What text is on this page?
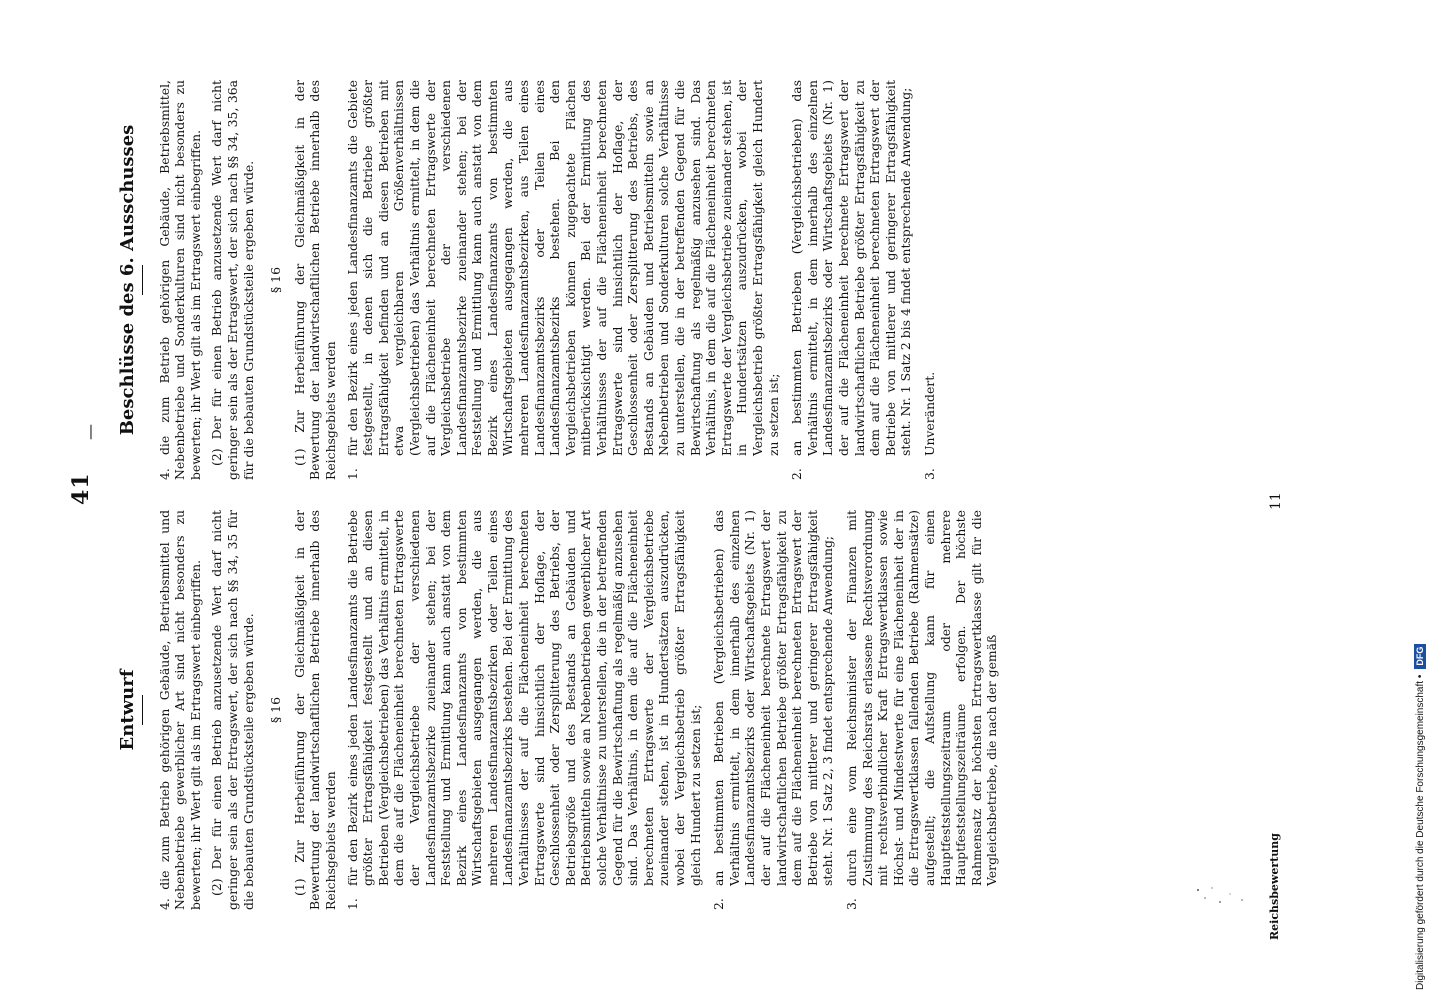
41
—
Entwurf 4. die zum Betrieb gehörigen Gebäude, Betriebsmittel und Nebenbetriebe gewerblicher Art sind nicht besonders zu bewerten; ihr Wert gilt als im Ertragswert einbegriffen. (2) Der für einen Betrieb anzusetzende Wert darf nicht geringer sein als der Ertragswert, der sich nach §§ 34, 35 für die bebauten Grundstücksteile ergeben würde. § 16 (1) Zur Herbeiführung der Gleichmäßigkeit in der Bewertung der landwirtschaftlichen Betriebe innerhalb des Reichsgebiets werden 1.
für den Bezirk eines jeden Landesfinanzamts die Betriebe größter Ertragsfähigkeit festgestellt und an diesen Betrieben (Vergleichsbetrieben) das Verhältnis ermittelt, in dem die auf die Flächeneinheit berechneten Ertragswerte der Vergleichsbetriebe der verschiedenen Landesfinanzamtsbezirke zueinander stehen; bei der Feststellung und Ermittlung kann auch anstatt von dem Bezirk eines Landesfinanzamts von bestimmten Wirtschaftsgebieten ausgegangen werden, die aus mehreren Landesfinanzamtsbezirken oder Teilen eines Landesfinanzamtsbezirks bestehen. Bei der Ermittlung des Verhältnisses der auf die Flächeneinheit berechneten Ertragswerte sind hinsichtlich der Hoflage, der Geschlossenheit oder Zersplitterung des Betriebs, der Betriebsgröße und des Bestands an Gebäuden und Betriebsmitteln sowie an Nebenbetrieben gewerblicher Art solche Verhältnisse zu unterstellen, die in der betreffenden Gegend für die Bewirtschaftung als regelmäßig anzusehen sind. Das Verhältnis, in dem die auf die Flächeneinheit berechneten Ertragswerte der Vergleichsbetriebe zueinander stehen, ist in Hundertsätzen auszudrücken, wobei der Vergleichsbetrieb größter Ertragsfähigkeit gleich Hundert zu setzen ist;
2.
an bestimmten Betrieben (Vergleichsbetrieben) das Verhältnis ermittelt, in dem innerhalb des einzelnen Landesfinanzamtsbezirks oder Wirtschaftsgebiets (Nr. 1) der auf die Flächeneinheit berechnete Ertragswert der landwirtschaftlichen Betriebe größter Ertragsfähigkeit zu dem auf die Flächeneinheit berechneten Ertragswert der Betriebe von mittlerer und geringerer Ertragsfähigkeit steht. Nr. 1 Satz 2, 3 findet entsprechende Anwendung;
3.
durch eine vom Reichsminister der Finanzen mit Zustimmung des Reichsrats erlassene Rechtsverordnung mit rechtsverbindlicher Kraft Ertragswertklassen sowie Höchst- und Mindestwerte für eine Flächeneinheit der in die Ertragswertklassen fallenden Betriebe (Rahmensätze) aufgestellt; die Aufstellung kann für einen Hauptfeststellungszeitraum oder mehrere Hauptfeststellungszeiträume erfolgen. Der höchste Rahmensatz der höchsten Ertragswertklasse gilt für die Vergleichsbetriebe, die nach der gemäß
Beschlüsse des 6. Ausschusses 4. die zum Betrieb gehörigen Gebäude, Betriebsmittel, Nebenbetriebe und Sonderkulturen sind nicht besonders zu bewerten; ihr Wert gilt als im Ertragswert einbegriffen. (2) Der für einen Betrieb anzusetzende Wert darf nicht geringer sein als der Ertragswert, der sich nach §§ 34, 35, 36a für die bebauten Grundstücksteile ergeben würde. § 16 (1) Zur Herbeiführung der Gleichmäßigkeit in der Bewertung der landwirtschaftlichen Betriebe innerhalb des Reichsgebiets werden 1.
für den Bezirk eines jeden Landesfinanzamts die Gebiete festgestellt, in denen sich die Betriebe größter Ertragsfähigkeit befinden und an diesen Betrieben mit etwa vergleichbaren Größenverhältnissen (Vergleichsbetrieben) das Verhältnis ermittelt, in dem die auf die Flächeneinheit berechneten Ertragswerte der Vergleichsbetriebe der verschiedenen Landesfinanzamtsbezirke zueinander stehen; bei der Feststellung und Ermittlung kann auch anstatt von dem Bezirk eines Landesfinanzamts von bestimmten Wirtschaftsgebieten ausgegangen werden, die aus mehreren Landesfinanzamtsbezirken, aus Teilen eines Landesfinanzamtsbezirks oder Teilen eines Landesfinanzamtsbezirks bestehen. Bei den Vergleichsbetrieben können zugepachtete Flächen mitberücksichtigt werden. Bei der Ermittlung des Verhältnisses der auf die Flächeneinheit berechneten Ertragswerte sind hinsichtlich der Hoflage, der Geschlossenheit oder Zersplitterung des Betriebs, des Bestands an Gebäuden und Betriebsmitteln sowie an Nebenbetrieben und Sonderkulturen solche Verhältnisse zu unterstellen, die in der betreffenden Gegend für die Bewirtschaftung als regelmäßig anzusehen sind. Das Verhältnis, in dem die auf die Flächeneinheit berechneten Ertragswerte der Vergleichsbetriebe zueinander stehen, ist in Hundertsätzen auszudrücken, wobei der Vergleichsbetrieb größter Ertragsfähigkeit gleich Hundert zu setzen ist;
2.
an bestimmten Betrieben (Vergleichsbetrieben) das Verhältnis ermittelt, in dem innerhalb des einzelnen Landesfinanzamtsbezirks oder Wirtschaftsgebiets (Nr. 1) der auf die Flächeneinheit berechnete Ertragswert der landwirtschaftlichen Betriebe größter Ertragsfähigkeit zu dem auf die Flächeneinheit berechneten Ertragswert der Betriebe von mittlerer und geringerer Ertragsfähigkeit steht. Nr. 1 Satz 2 bis 4 findet entsprechende Anwendung;
3.
Unverändert.
Reichsbewertung
11
Digitalisierung gefördert durch die Deutsche Forschungsgemeinschaft •
DFG
